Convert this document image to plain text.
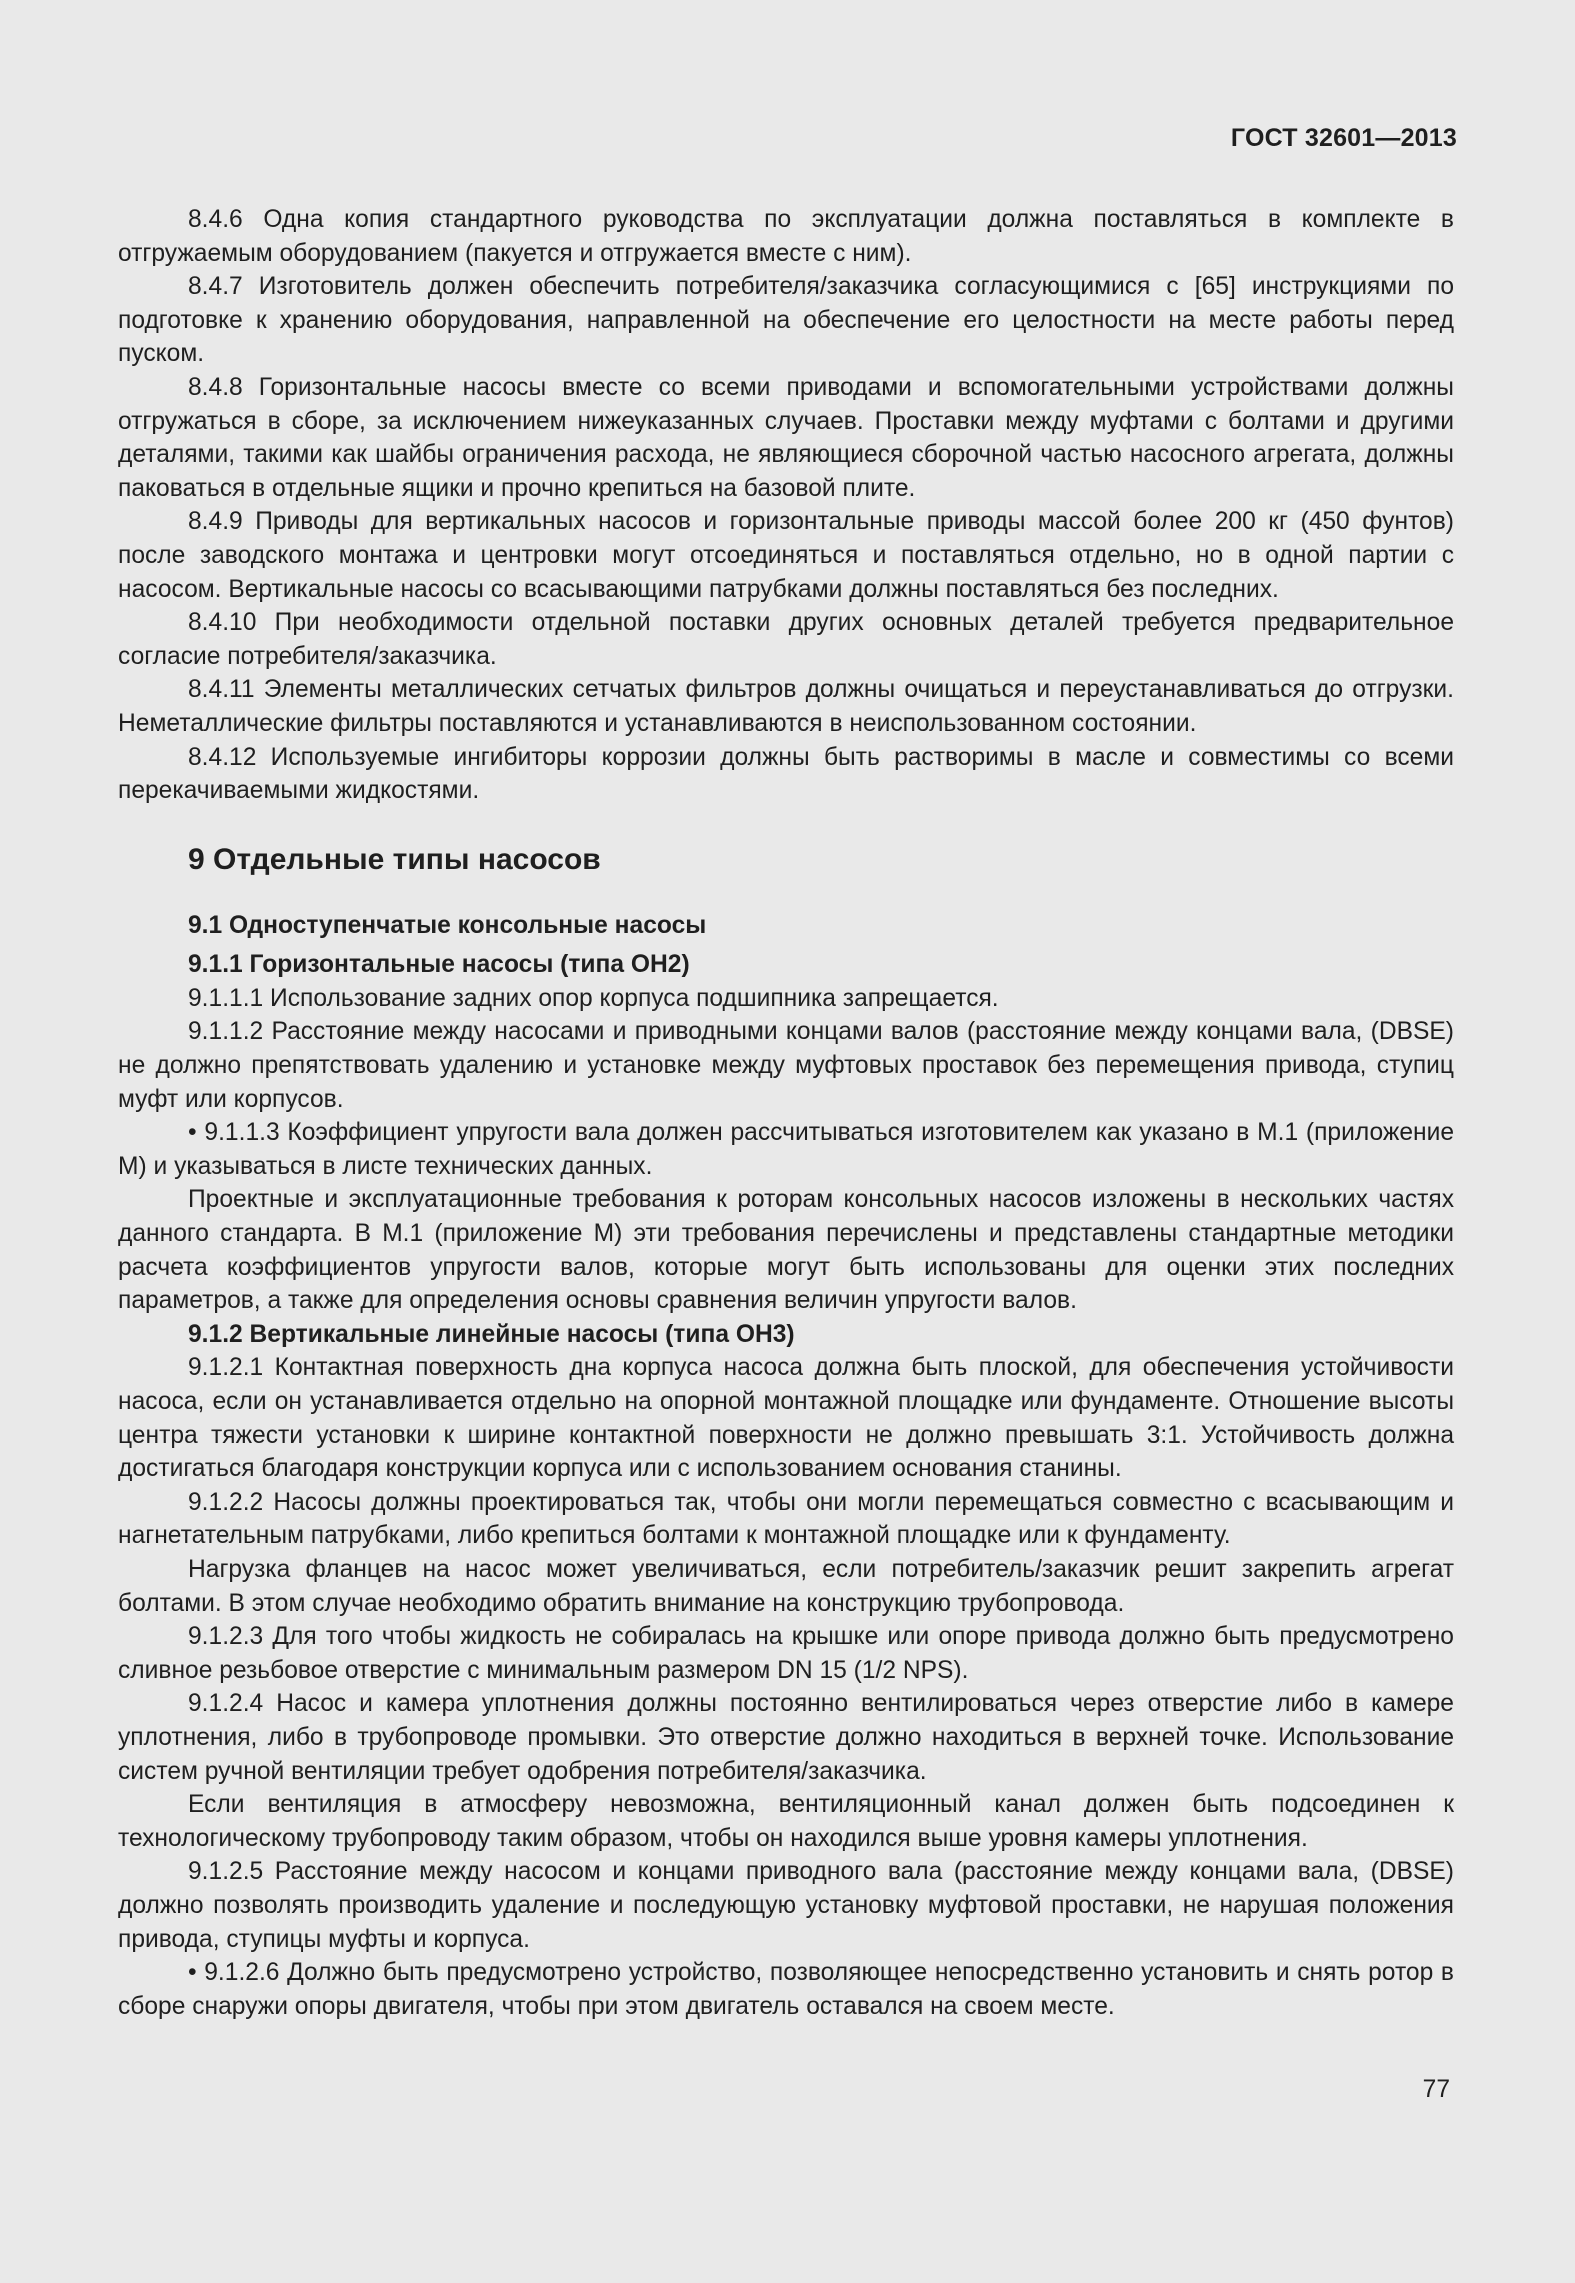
ГОСТ 32601—2013

8.4.6 Одна копия стандартного руководства по эксплуатации должна поставляться в комплекте в отгружаемым оборудованием (пакуется и отгружается вместе с ним).

8.4.7 Изготовитель должен обеспечить потребителя/заказчика согласующимися с [65] инструкциями по подготовке к хранению оборудования, направленной на обеспечение его целостности на месте работы перед пуском.

8.4.8 Горизонтальные насосы вместе со всеми приводами и вспомогательными устройствами должны отгружаться в сборе, за исключением нижеуказанных случаев. Проставки между муфтами с болтами и другими деталями, такими как шайбы ограничения расхода, не являющиеся сборочной частью насосного агрегата, должны паковаться в отдельные ящики и прочно крепиться на базовой плите.

8.4.9 Приводы для вертикальных насосов и горизонтальные приводы массой более 200 кг (450 фунтов) после заводского монтажа и центровки могут отсоединяться и поставляться отдельно, но в одной партии с насосом. Вертикальные насосы со всасывающими патрубками должны поставляться без последних.

8.4.10 При необходимости отдельной поставки других основных деталей требуется предварительное согласие потребителя/заказчика.

8.4.11 Элементы металлических сетчатых фильтров должны очищаться и переустанавливаться до отгрузки. Неметаллические фильтры поставляются и устанавливаются в неиспользованном состоянии.

8.4.12 Используемые ингибиторы коррозии должны быть растворимы в масле и совместимы со всеми перекачиваемыми жидкостями.

9 Отдельные типы насосов
9.1 Одноступенчатые консольные насосы
9.1.1 Горизонтальные насосы (типа ОН2)

9.1.1.1 Использование задних опор корпуса подшипника запрещается.

9.1.1.2 Расстояние между насосами и приводными концами валов (расстояние между концами вала, (DBSE) не должно препятствовать удалению и установке между муфтовых проставок без перемещения привода, ступиц муфт или корпусов.

• 9.1.1.3 Коэффициент упругости вала должен рассчитываться изготовителем как указано в М.1 (приложение М) и указываться в листе технических данных.

Проектные и эксплуатационные требования к роторам консольных насосов изложены в нескольких частях данного стандарта. В М.1 (приложение М) эти требования перечислены и представлены стандартные методики расчета коэффициентов упругости валов, которые могут быть использованы для оценки этих последних параметров, а также для определения основы сравнения величин упругости валов.

9.1.2 Вертикальные линейные насосы (типа ОН3)

9.1.2.1 Контактная поверхность дна корпуса насоса должна быть плоской, для обеспечения устойчивости насоса, если он устанавливается отдельно на опорной монтажной площадке или фундаменте. Отношение высоты центра тяжести установки к ширине контактной поверхности не должно превышать 3:1. Устойчивость должна достигаться благодаря конструкции корпуса или с использованием основания станины.

9.1.2.2 Насосы должны проектироваться так, чтобы они могли перемещаться совместно с всасывающим и нагнетательным патрубками, либо крепиться болтами к монтажной площадке или к фундаменту.

Нагрузка фланцев на насос может увеличиваться, если потребитель/заказчик решит закрепить агрегат болтами. В этом случае необходимо обратить внимание на конструкцию трубопровода.

9.1.2.3 Для того чтобы жидкость не собиралась на крышке или опоре привода должно быть предусмотрено сливное резьбовое отверстие с минимальным размером DN 15 (1/2 NPS).

9.1.2.4 Насос и камера уплотнения должны постоянно вентилироваться через отверстие либо в камере уплотнения, либо в трубопроводе промывки. Это отверстие должно находиться в верхней точке. Использование систем ручной вентиляции требует одобрения потребителя/заказчика.

Если вентиляция в атмосферу невозможна, вентиляционный канал должен быть подсоединен к технологическому трубопроводу таким образом, чтобы он находился выше уровня камеры уплотнения.

9.1.2.5 Расстояние между насосом и концами приводного вала (расстояние между концами вала, (DBSE) должно позволять производить удаление и последующую установку муфтовой проставки, не нарушая положения привода, ступицы муфты и корпуса.

• 9.1.2.6 Должно быть предусмотрено устройство, позволяющее непосредственно установить и снять ротор в сборе снаружи опоры двигателя, чтобы при этом двигатель оставался на своем месте.

77
